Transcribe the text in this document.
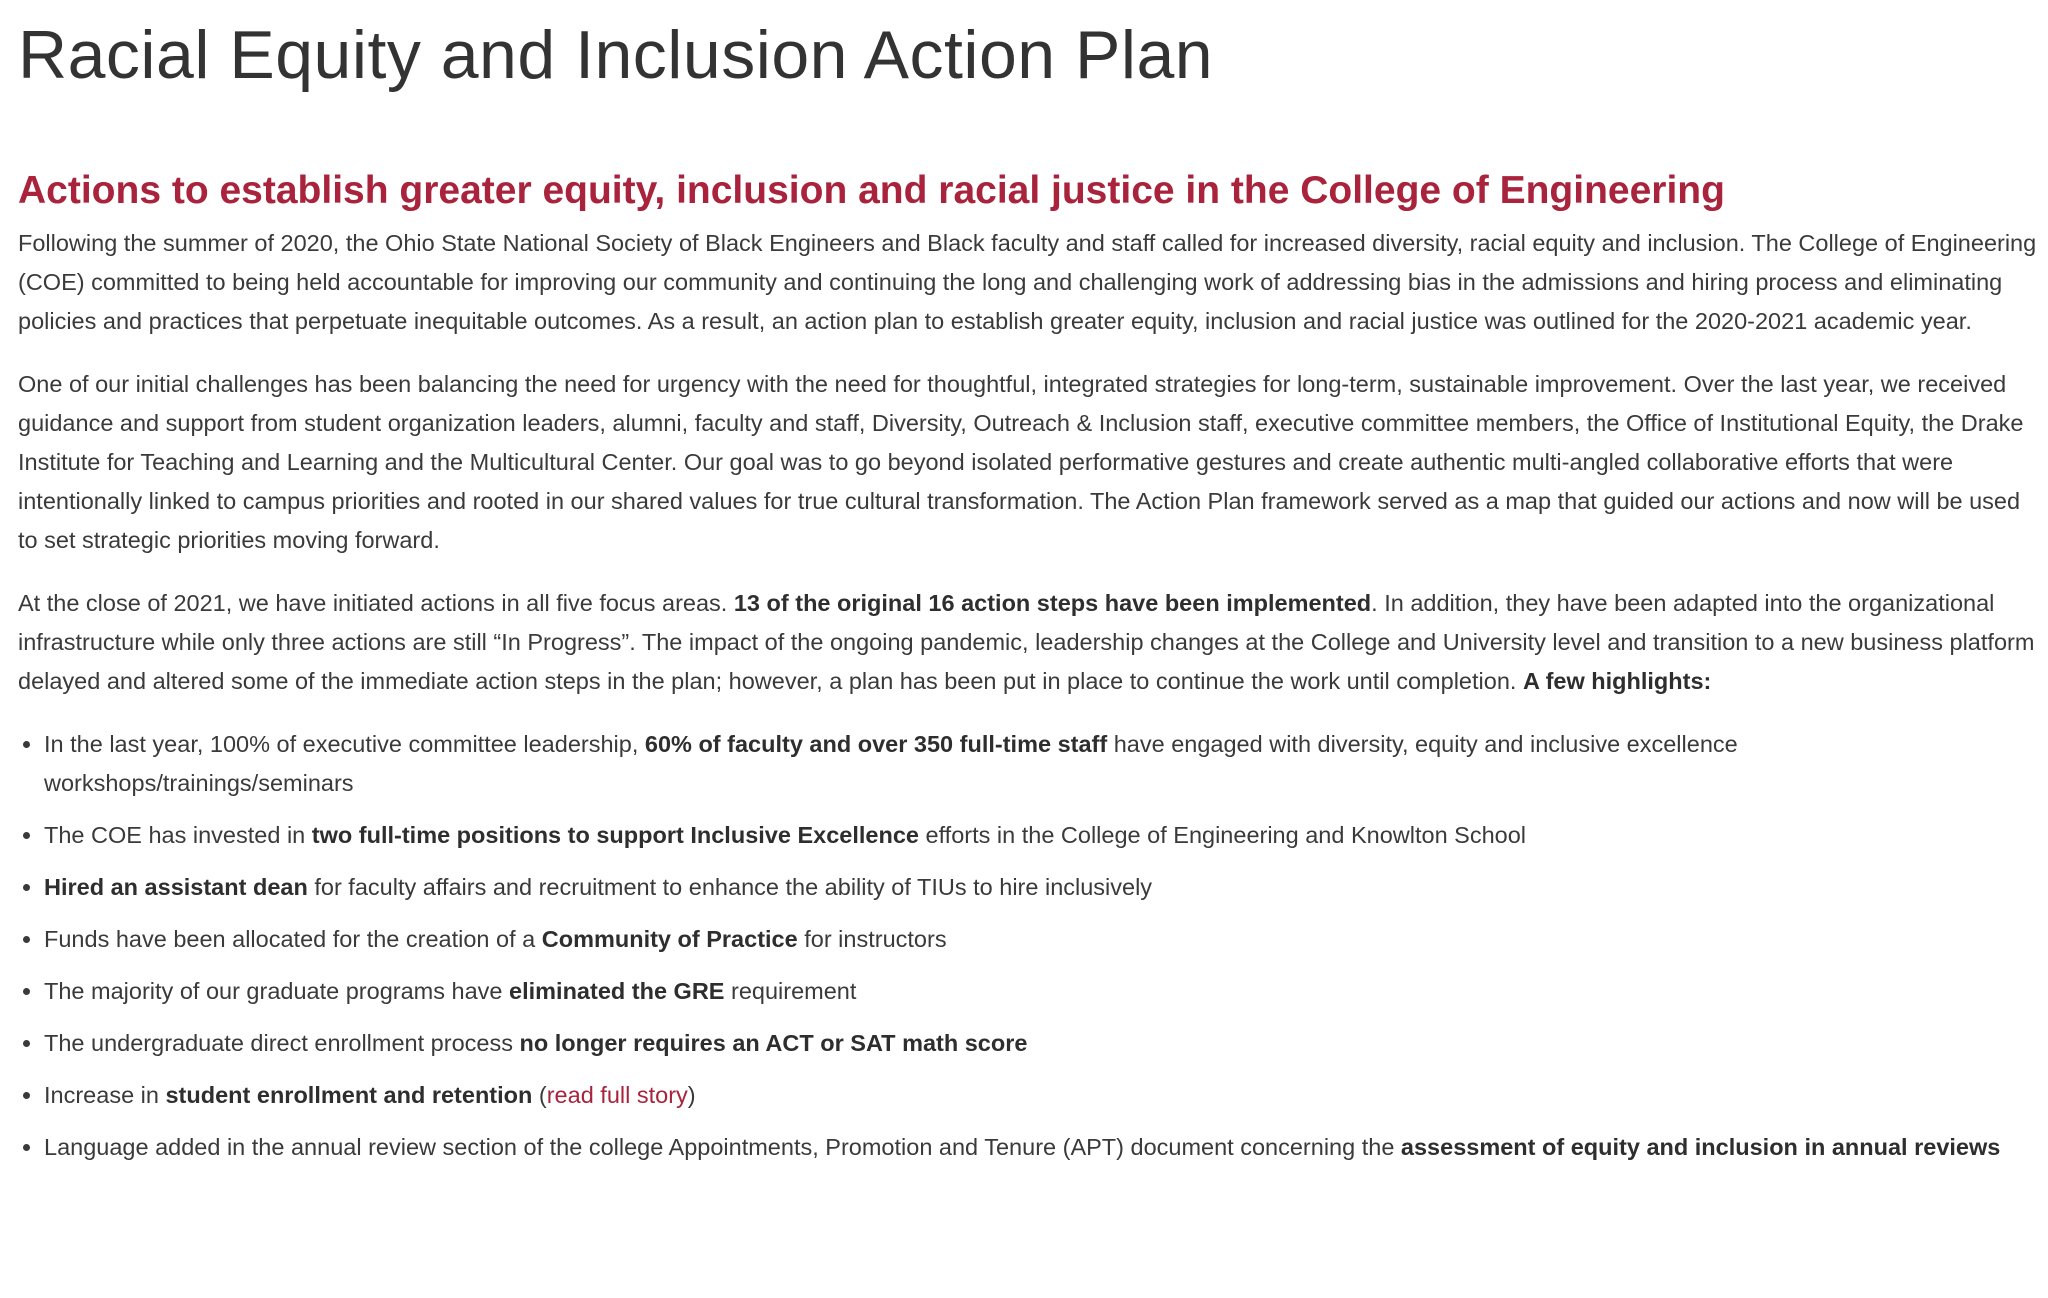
Racial Equity and Inclusion Action Plan
Actions to establish greater equity, inclusion and racial justice in the College of Engineering

Following the summer of 2020, the Ohio State National Society of Black Engineers and Black faculty and staff called for increased diversity, racial equity and inclusion. The College of Engineering (COE) committed to being held accountable for improving our community and continuing the long and challenging work of addressing bias in the admissions and hiring process and eliminating policies and practices that perpetuate inequitable outcomes. As a result, an action plan to establish greater equity, inclusion and racial justice was outlined for the 2020-2021 academic year.

One of our initial challenges has been balancing the need for urgency with the need for thoughtful, integrated strategies for long-term, sustainable improvement. Over the last year, we received guidance and support from student organization leaders, alumni, faculty and staff, Diversity, Outreach & Inclusion staff, executive committee members, the Office of Institutional Equity, the Drake Institute for Teaching and Learning and the Multicultural Center. Our goal was to go beyond isolated performative gestures and create authentic multi-angled collaborative efforts that were intentionally linked to campus priorities and rooted in our shared values for true cultural transformation. The Action Plan framework served as a map that guided our actions and now will be used to set strategic priorities moving forward.

At the close of 2021, we have initiated actions in all five focus areas. 13 of the original 16 action steps have been implemented. In addition, they have been adapted into the organizational infrastructure while only three actions are still “In Progress”. The impact of the ongoing pandemic, leadership changes at the College and University level and transition to a new business platform delayed and altered some of the immediate action steps in the plan; however, a plan has been put in place to continue the work until completion. A few highlights:

In the last year, 100% of executive committee leadership, 60% of faculty and over 350 full-time staff have engaged with diversity, equity and inclusive excellence workshops/trainings/seminars
The COE has invested in two full-time positions to support Inclusive Excellence efforts in the College of Engineering and Knowlton School
Hired an assistant dean for faculty affairs and recruitment to enhance the ability of TIUs to hire inclusively
Funds have been allocated for the creation of a Community of Practice for instructors
The majority of our graduate programs have eliminated the GRE requirement
The undergraduate direct enrollment process no longer requires an ACT or SAT math score
Increase in student enrollment and retention (read full story)
Language added in the annual review section of the college Appointments, Promotion and Tenure (APT) document concerning the assessment of equity and inclusion in annual reviews
